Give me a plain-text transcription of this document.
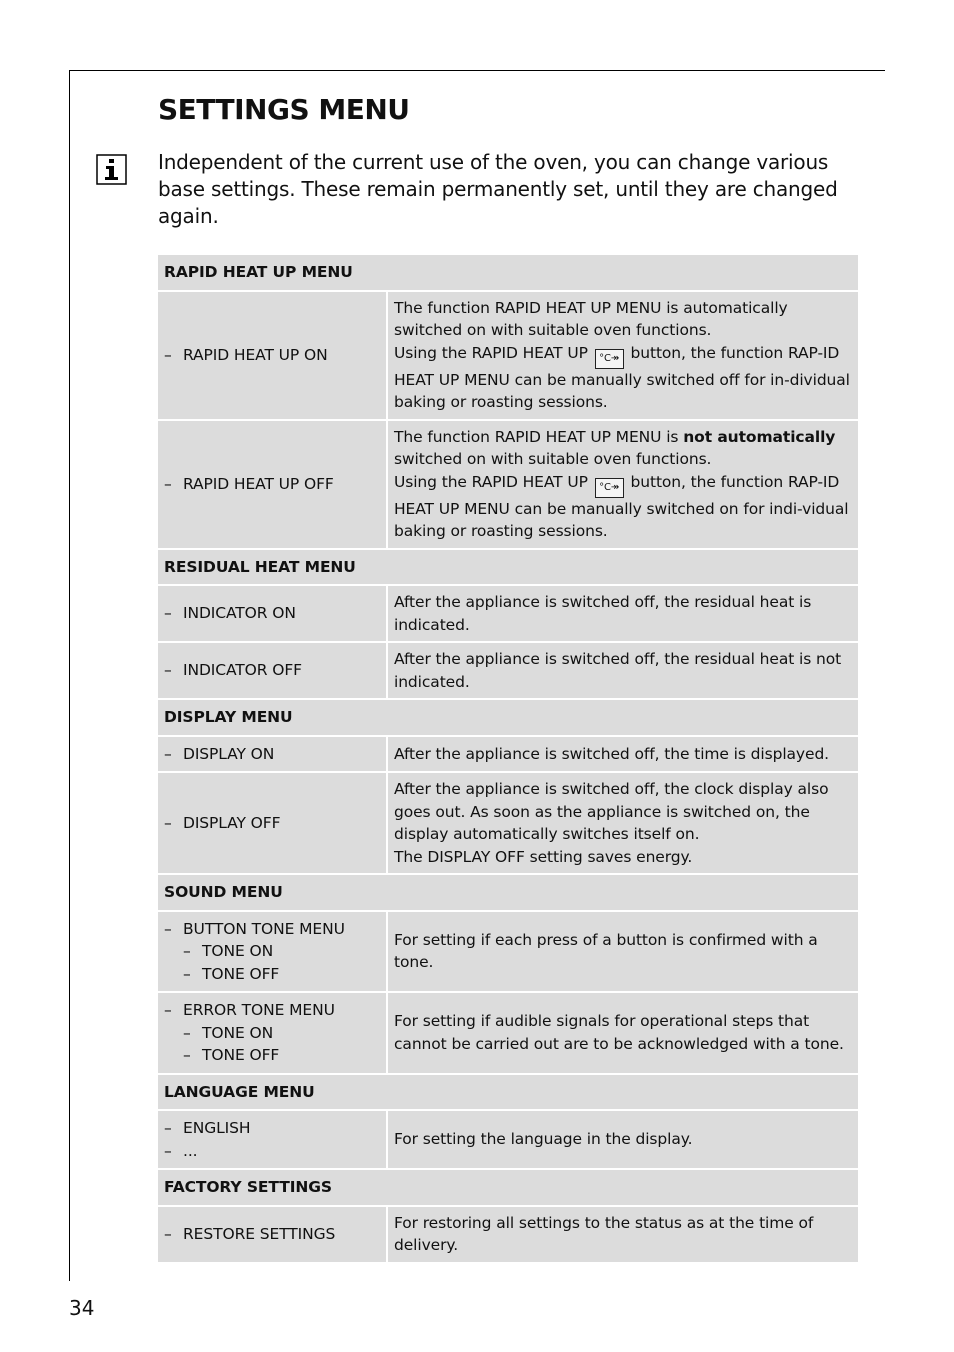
SETTINGS MENU

Independent of the current use of the oven, you can change various base settings. These remain permanently set, until they are changed again.

RAPID HEAT UP MENU	
– RAPID HEAT UP ON	The function RAPID HEAT UP MENU is automatically switched on with suitable oven functions.
Using the RAPID HEAT UP °C↠ button, the function RAP-ID HEAT UP MENU can be manually switched off for in-dividual baking or roasting sessions.
– RAPID HEAT UP OFF	The function RAPID HEAT UP MENU is not automatically switched on with suitable oven functions.
Using the RAPID HEAT UP °C↠ button, the function RAP-ID HEAT UP MENU can be manually switched on for indi-vidual baking or roasting sessions.
RESIDUAL HEAT MENU	
– INDICATOR ON	After the appliance is switched off, the residual heat is indicated.
– INDICATOR OFF	After the appliance is switched off, the residual heat is not indicated.
DISPLAY MENU	
– DISPLAY ON	After the appliance is switched off, the time is displayed.
– DISPLAY OFF	After the appliance is switched off, the clock display also goes out. As soon as the appliance is switched on, the display automatically switches itself on.
The DISPLAY OFF setting saves energy.
SOUND MENU	

– BUTTON TONE MENU
– TONE ON
– TONE OFF	For setting if each press of a button is confirmed with a tone.

– ERROR TONE MENU
– TONE ON
– TONE OFF	For setting if audible signals for operational steps that cannot be carried out are to be acknowledged with a tone.
LANGUAGE MENU	

– ENGLISH
– ...	For setting the language in the display.
FACTORY SETTINGS	
– RESTORE SETTINGS	For restoring all settings to the status as at the time of delivery.
34
